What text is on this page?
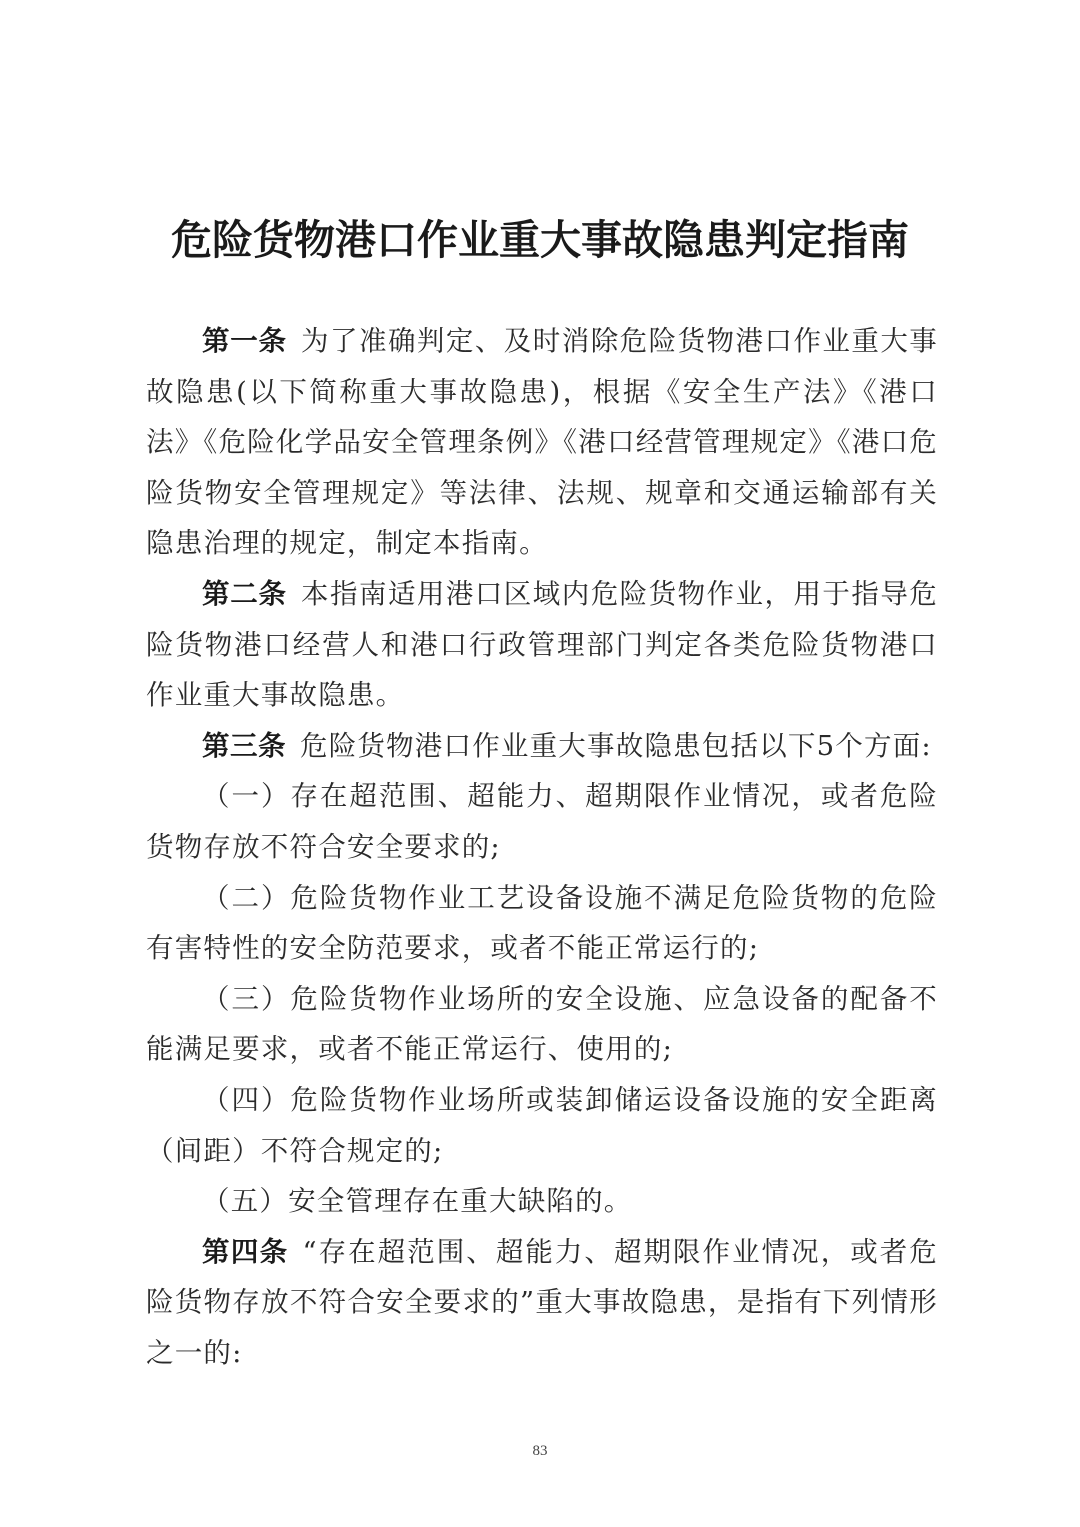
危险货物港口作业重大事故隐患判定指南

第一条 为了准确判定、及时消除危险货物港口作业重大事故隐患(以下简称重大事故隐患)，根据《安全生产法》《港口法》《危险化学品安全管理条例》《港口经营管理规定》《港口危险货物安全管理规定》等法律、法规、规章和交通运输部有关隐患治理的规定，制定本指南。

第二条 本指南适用港口区域内危险货物作业，用于指导危险货物港口经营人和港口行政管理部门判定各类危险货物港口作业重大事故隐患。

第三条 危险货物港口作业重大事故隐患包括以下5个方面:

（一）存在超范围、超能力、超期限作业情况，或者危险货物存放不符合安全要求的;

（二）危险货物作业工艺设备设施不满足危险货物的危险有害特性的安全防范要求，或者不能正常运行的;

（三）危险货物作业场所的安全设施、应急设备的配备不能满足要求，或者不能正常运行、使用的;

（四）危险货物作业场所或装卸储运设备设施的安全距离（间距）不符合规定的;

（五）安全管理存在重大缺陷的。

第四条 “存在超范围、超能力、超期限作业情况，或者危险货物存放不符合安全要求的”重大事故隐患，是指有下列情形之一的:

83
